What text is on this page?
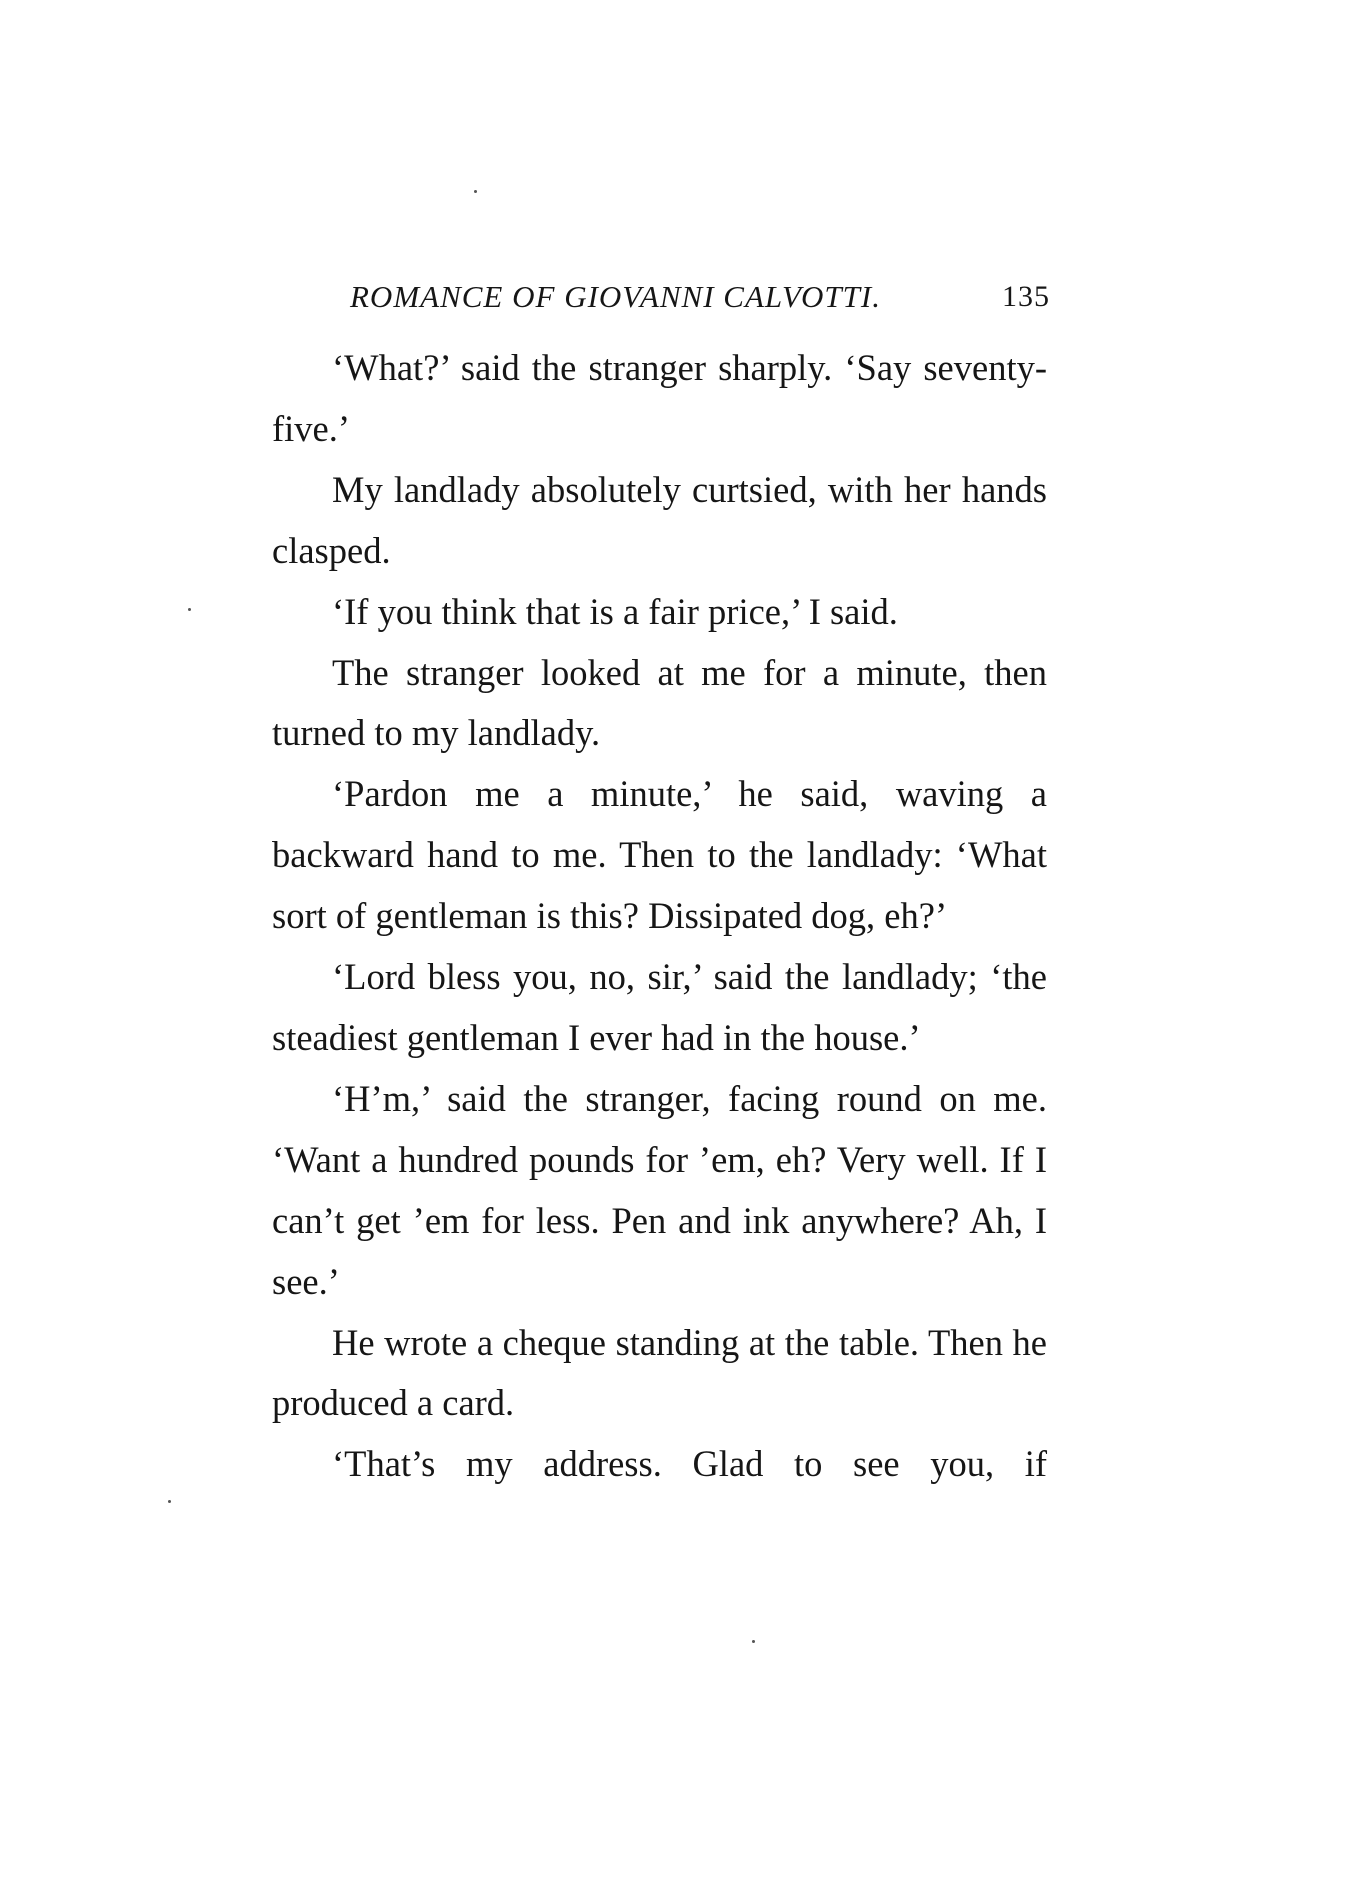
ROMANCE OF GIOVANNI CALVOTTI.	135

‘What?’ said the stranger sharply. ‘Say seventy-five.’

My landlady absolutely curtsied, with her hands clasped.

‘If you think that is a fair price,’ I said.

The stranger looked at me for a minute, then turned to my landlady.

‘Pardon me a minute,’ he said, waving a backward hand to me. Then to the landlady: ‘What sort of gentleman is this? Dissipated dog, eh?’

‘Lord bless you, no, sir,’ said the landlady; ‘the steadiest gentleman I ever had in the house.’

‘H’m,’ said the stranger, facing round on me. ‘Want a hundred pounds for ’em, eh? Very well. If I can’t get ’em for less. Pen and ink anywhere? Ah, I see.’

He wrote a cheque standing at the table. Then he produced a card.

‘That’s my address. Glad to see you, if
